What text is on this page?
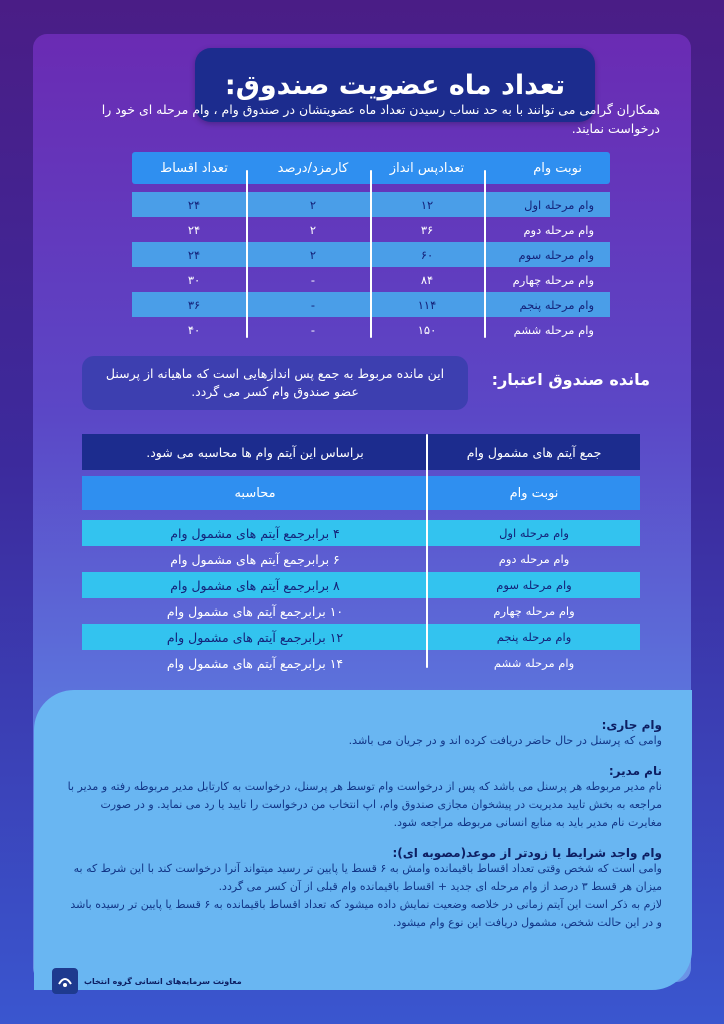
تعداد ماه عضویت صندوق:
همکاران گرامی می توانند با به حد نساب رسیدن تعداد ماه عضویتشان در صندوق وام ، وام مرحله ای خود را درخواست نمایند.
نوبت وام
تعدادپس انداز
کارمزد/درصد
تعداد اقساط
وام مرحله اول
۱۲
۲
۲۴
وام مرحله دوم
۳۶
۲
۲۴
وام مرحله سوم
۶۰
۲
۲۴
وام مرحله چهارم
۸۴
-
۳۰
وام مرحله پنجم
۱۱۴
-
۳۶
وام مرحله ششم
۱۵۰
-
۴۰
مانده صندوق اعتبار:
این مانده مربوط به جمع پس اندازهایی است که ماهیانه از پرسنل عضو صندوق وام کسر می گردد.
جمع آیتم های مشمول وام
براساس این آیتم وام ها محاسبه می شود.
نوبت وام
محاسبه
وام مرحله اول
۴ برابرجمع آیتم های مشمول وام
وام مرحله دوم
۶ برابرجمع آیتم های مشمول وام
وام مرحله سوم
۸ برابرجمع آیتم های مشمول وام
وام مرحله چهارم
۱۰ برابرجمع آیتم های مشمول وام
وام مرحله پنجم
۱۲ برابرجمع آیتم های مشمول وام
وام مرحله ششم
۱۴ برابرجمع آیتم های مشمول وام
وام جاری:

وامی که پرسنل در حال حاضر دریافت کرده اند و در جریان می باشد.

نام مدیر:

نام مدیر مربوطه هر پرسنل می باشد که پس از درخواست وام توسط هر پرسنل، درخواست به کارتابل مدیر مربوطه رفته و مدیر با مراجعه به بخش تایید مدیریت در پیشخوان مجازی صندوق وام، اپ انتخاب من درخواست را تایید یا رد می نماید. و در صورت مغایرت نام مدیر باید به منابع انسانی مربوطه مراجعه شود.

وام واجد شرایط یا زودتر از موعد(مصوبه ای):

وامی است که شخص وقتی تعداد اقساط باقیمانده وامش به ۶ قسط یا پایین تر رسید میتواند آنرا درخواست کند با این شرط که به میزان هر قسط ۳ درصد از وام مرحله ای جدید + اقساط باقیمانده وام قبلی از آن کسر می گردد.

لازم به ذکر است این آیتم زمانی در خلاصه وضعیت نمایش داده میشود که تعداد اقساط باقیمانده به ۶ قسط یا پایین تر رسیده باشد و در این حالت شخص، مشمول دریافت این نوع وام میشود.

معاونت سرمایه‌های انسانی گروه انتخاب
